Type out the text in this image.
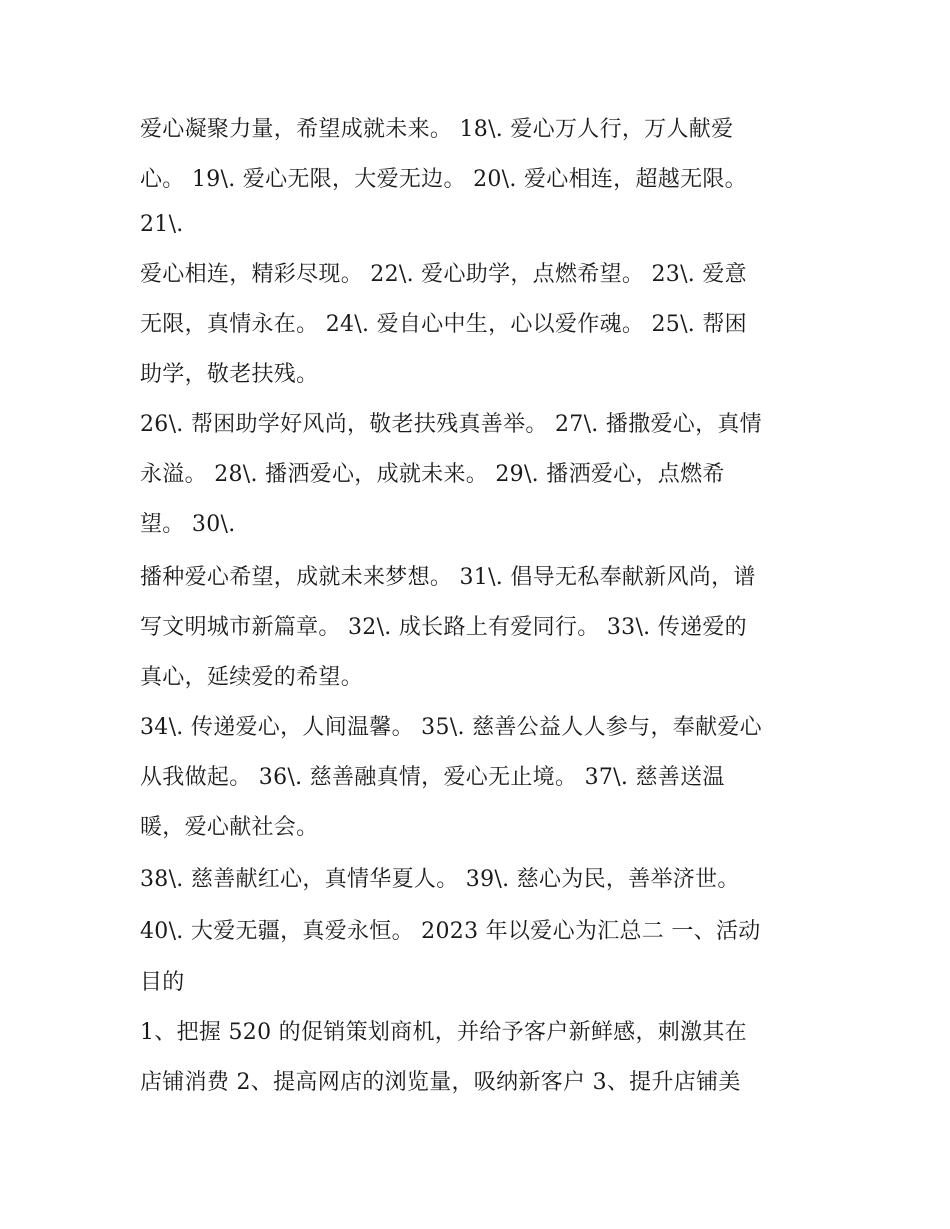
爱心凝聚力量，希望成就未来。 18\. 爱心万人行，万人献爱
心。 19\. 爱心无限，大爱无边。 20\. 爱心相连，超越无限。
21\.
爱心相连，精彩尽现。 22\. 爱心助学，点燃希望。 23\. 爱意
无限，真情永在。 24\. 爱自心中生，心以爱作魂。 25\. 帮困
助学，敬老扶残。
26\. 帮困助学好风尚，敬老扶残真善举。 27\. 播撒爱心，真情
永溢。 28\. 播洒爱心，成就未来。 29\. 播洒爱心，点燃希
望。 30\.
播种爱心希望，成就未来梦想。 31\. 倡导无私奉献新风尚，谱
写文明城市新篇章。 32\. 成长路上有爱同行。 33\. 传递爱的
真心，延续爱的希望。
34\. 传递爱心，人间温馨。 35\. 慈善公益人人参与，奉献爱心
从我做起。 36\. 慈善融真情，爱心无止境。 37\. 慈善送温
暖，爱心献社会。
38\. 慈善献红心，真情华夏人。 39\. 慈心为民，善举济世。
40\. 大爱无疆，真爱永恒。 2023 年以爱心为汇总二 一、活动
目的
1、把握 520 的促销策划商机，并给予客户新鲜感，刺激其在
店铺消费 2、提高网店的浏览量，吸纳新客户 3、提升店铺美
